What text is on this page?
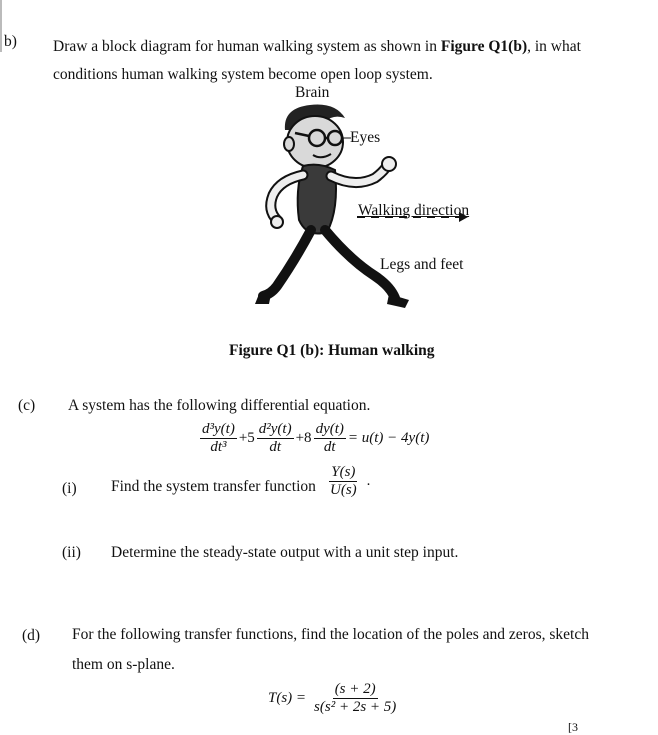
b) Draw a block diagram for human walking system as shown in Figure Q1(b), in what
conditions human walking system become open loop system.
Brain
Eyes
Walking direction
Legs and feet
Figure Q1 (b): Human walking
(c) A system has the following differential equation.
$\frac{\text{d³y(t)}}{\text{dt³}} +5 \frac{\text{d²y(t)}}{dt} +8 \frac{dy(t)}{dt} = u(t) - 4y(t)$
(i) Find the system transfer function $\frac{Y(s)}{U(s)}$ .
(ii) Determine the steady-state output with a unit step input.
(d) For the following transfer functions, find the location of the poles and zeros, sketch
them on s-plane.
$T(s) = \frac{(s + 2)}{\text{s(s² + 2s + 5)}}$
[3
